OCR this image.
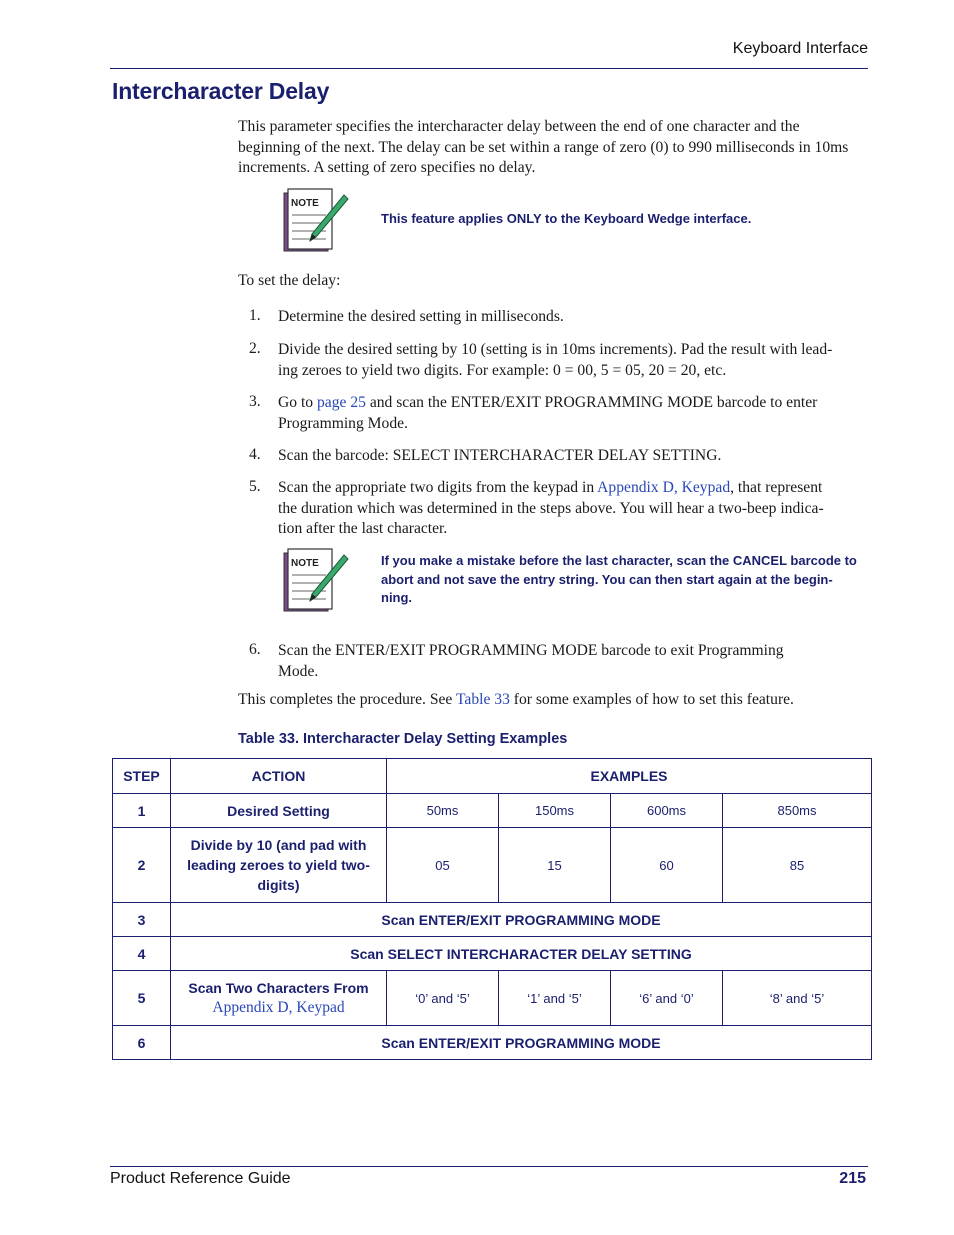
Keyboard Interface
Intercharacter Delay
This parameter specifies the intercharacter delay between the end of one character and the beginning of the next. The delay can be set within a range of zero (0) to 990 milliseconds in 10ms increments. A setting of zero specifies no delay.
NOTE
This feature applies ONLY to the Keyboard Wedge interface.
To set the delay:
1. Determine the desired setting in milliseconds.
2. Divide the desired setting by 10 (setting is in 10ms increments). Pad the result with lead-
ing zeroes to yield two digits. For example: 0 = 00, 5 = 05, 20 = 20, etc.
3. Go to page 25 and scan the ENTER/EXIT PROGRAMMING MODE barcode to enter
Programming Mode.
4. Scan the barcode: SELECT INTERCHARACTER DELAY SETTING.
5. Scan the appropriate two digits from the keypad in Appendix D, Keypad, that represent
the duration which was determined in the steps above. You will hear a two-beep indica-
tion after the last character.
NOTE	If you make a mistake before the last character, scan the CANCEL barcode to
abort and not save the entry string. You can then start again at the begin-
ning.
6. Scan the ENTER/EXIT PROGRAMMING MODE barcode to exit Programming
Mode.
This completes the procedure. See Table 33 for some examples of how to set this feature.
Table 33. Intercharacter Delay Setting Examples
STEP	ACTION	EXAMPLES			
1	Desired Setting	50ms	150ms	600ms	850ms
2	Divide by 10 (and pad with
leading zeroes to yield two-
digits)	05	15	60	85
3	Scan ENTER/EXIT PROGRAMMING MODE				
4	Scan SELECT INTERCHARACTER DELAY SETTING				
5	Scan Two Characters From
Appendix D, Keypad	‘0’ and ‘5’	‘1’ and ‘5’	‘6’ and ‘0’	‘8’ and ‘5’
6	Scan ENTER/EXIT PROGRAMMING MODE				
Product Reference Guide	215
